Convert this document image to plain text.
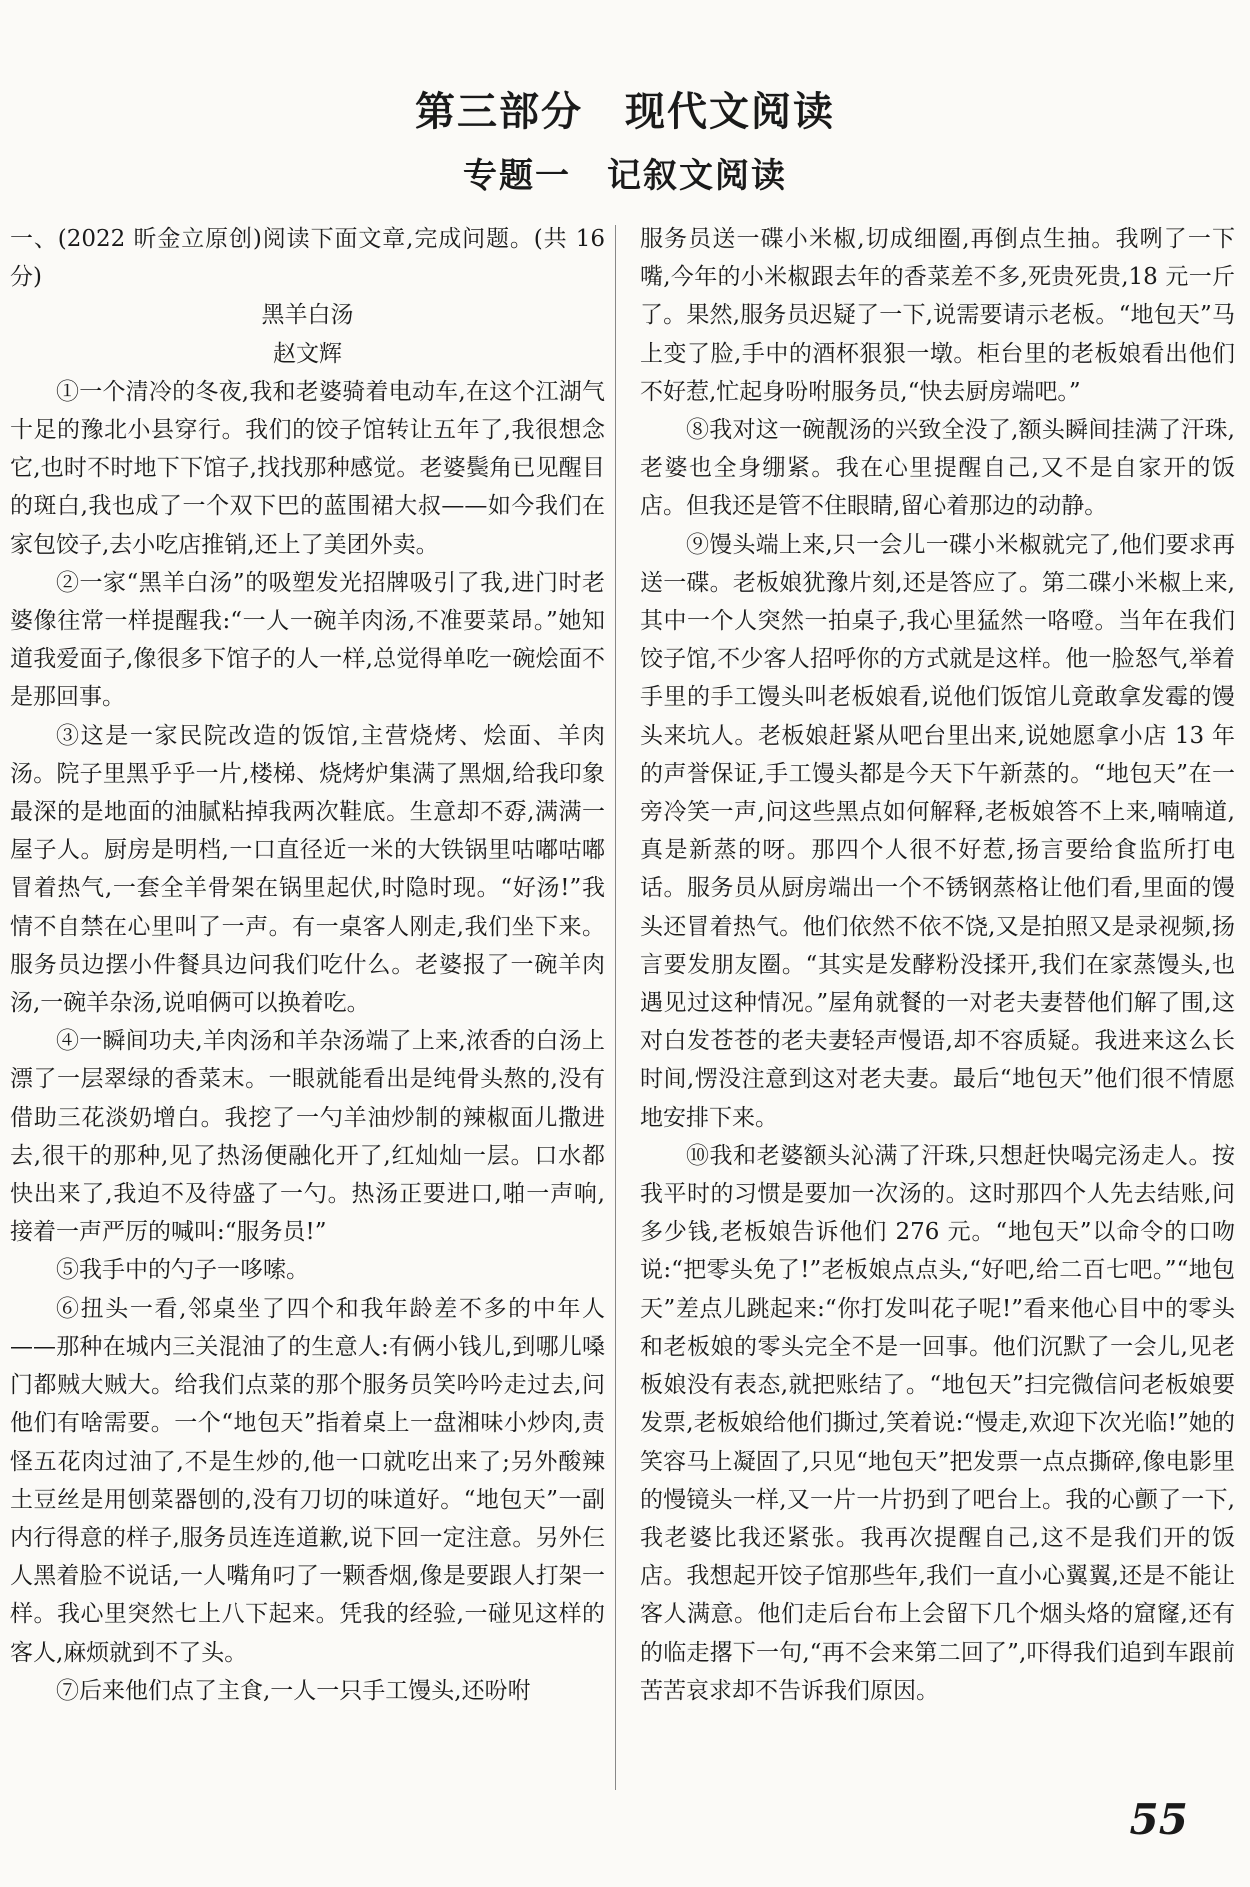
第三部分　现代文阅读
专题一　记叙文阅读

一、(2022 昕金立原创)阅读下面文章,完成问题。(共 16 分)

黑羊白汤

赵文辉

①一个清冷的冬夜,我和老婆骑着电动车,在这个江湖气十足的豫北小县穿行。我们的饺子馆转让五年了,我很想念它,也时不时地下下馆子,找找那种感觉。老婆鬓角已见醒目的斑白,我也成了一个双下巴的蓝围裙大叔——如今我们在家包饺子,去小吃店推销,还上了美团外卖。

②一家“黑羊白汤”的吸塑发光招牌吸引了我,进门时老婆像往常一样提醒我:“一人一碗羊肉汤,不准要菜昂。”她知道我爱面子,像很多下馆子的人一样,总觉得单吃一碗烩面不是那回事。

③这是一家民院改造的饭馆,主营烧烤、烩面、羊肉汤。院子里黑乎乎一片,楼梯、烧烤炉集满了黑烟,给我印象最深的是地面的油腻粘掉我两次鞋底。生意却不孬,满满一屋子人。厨房是明档,一口直径近一米的大铁锅里咕嘟咕嘟冒着热气,一套全羊骨架在锅里起伏,时隐时现。“好汤!”我情不自禁在心里叫了一声。有一桌客人刚走,我们坐下来。服务员边摆小件餐具边问我们吃什么。老婆报了一碗羊肉汤,一碗羊杂汤,说咱俩可以换着吃。

④一瞬间功夫,羊肉汤和羊杂汤端了上来,浓香的白汤上漂了一层翠绿的香菜末。一眼就能看出是纯骨头熬的,没有借助三花淡奶增白。我挖了一勺羊油炒制的辣椒面儿撒进去,很干的那种,见了热汤便融化开了,红灿灿一层。口水都快出来了,我迫不及待盛了一勺。热汤正要进口,啪一声响,接着一声严厉的喊叫:“服务员!”

⑤我手中的勺子一哆嗦。

⑥扭头一看,邻桌坐了四个和我年龄差不多的中年人——那种在城内三关混油了的生意人:有俩小钱儿,到哪儿嗓门都贼大贼大。给我们点菜的那个服务员笑吟吟走过去,问他们有啥需要。一个“地包天”指着桌上一盘湘味小炒肉,责怪五花肉过油了,不是生炒的,他一口就吃出来了;另外酸辣土豆丝是用刨菜器刨的,没有刀切的味道好。“地包天”一副内行得意的样子,服务员连连道歉,说下回一定注意。另外仨人黑着脸不说话,一人嘴角叼了一颗香烟,像是要跟人打架一样。我心里突然七上八下起来。凭我的经验,一碰见这样的客人,麻烦就到不了头。

⑦后来他们点了主食,一人一只手工馒头,还吩咐

服务员送一碟小米椒,切成细圈,再倒点生抽。我咧了一下嘴,今年的小米椒跟去年的香菜差不多,死贵死贵,18 元一斤了。果然,服务员迟疑了一下,说需要请示老板。“地包天”马上变了脸,手中的酒杯狠狠一墩。柜台里的老板娘看出他们不好惹,忙起身吩咐服务员,“快去厨房端吧。”

⑧我对这一碗靓汤的兴致全没了,额头瞬间挂满了汗珠,老婆也全身绷紧。我在心里提醒自己,又不是自家开的饭店。但我还是管不住眼睛,留心着那边的动静。

⑨馒头端上来,只一会儿一碟小米椒就完了,他们要求再送一碟。老板娘犹豫片刻,还是答应了。第二碟小米椒上来,其中一个人突然一拍桌子,我心里猛然一咯噔。当年在我们饺子馆,不少客人招呼你的方式就是这样。他一脸怒气,举着手里的手工馒头叫老板娘看,说他们饭馆儿竟敢拿发霉的馒头来坑人。老板娘赶紧从吧台里出来,说她愿拿小店 13 年的声誉保证,手工馒头都是今天下午新蒸的。“地包天”在一旁冷笑一声,问这些黑点如何解释,老板娘答不上来,喃喃道,真是新蒸的呀。那四个人很不好惹,扬言要给食监所打电话。服务员从厨房端出一个不锈钢蒸格让他们看,里面的馒头还冒着热气。他们依然不依不饶,又是拍照又是录视频,扬言要发朋友圈。“其实是发酵粉没揉开,我们在家蒸馒头,也遇见过这种情况。”屋角就餐的一对老夫妻替他们解了围,这对白发苍苍的老夫妻轻声慢语,却不容质疑。我进来这么长时间,愣没注意到这对老夫妻。最后“地包天”他们很不情愿地安排下来。

⑩我和老婆额头沁满了汗珠,只想赶快喝完汤走人。按我平时的习惯是要加一次汤的。这时那四个人先去结账,问多少钱,老板娘告诉他们 276 元。“地包天”以命令的口吻说:“把零头免了!”老板娘点点头,“好吧,给二百七吧。”“地包天”差点儿跳起来:“你打发叫花子呢!”看来他心目中的零头和老板娘的零头完全不是一回事。他们沉默了一会儿,见老板娘没有表态,就把账结了。“地包天”扫完微信问老板娘要发票,老板娘给他们撕过,笑着说:“慢走,欢迎下次光临!”她的笑容马上凝固了,只见“地包天”把发票一点点撕碎,像电影里的慢镜头一样,又一片一片扔到了吧台上。我的心颤了一下,我老婆比我还紧张。我再次提醒自己,这不是我们开的饭店。我想起开饺子馆那些年,我们一直小心翼翼,还是不能让客人满意。他们走后台布上会留下几个烟头烙的窟窿,还有的临走撂下一句,“再不会来第二回了”,吓得我们追到车跟前苦苦哀求却不告诉我们原因。

55
